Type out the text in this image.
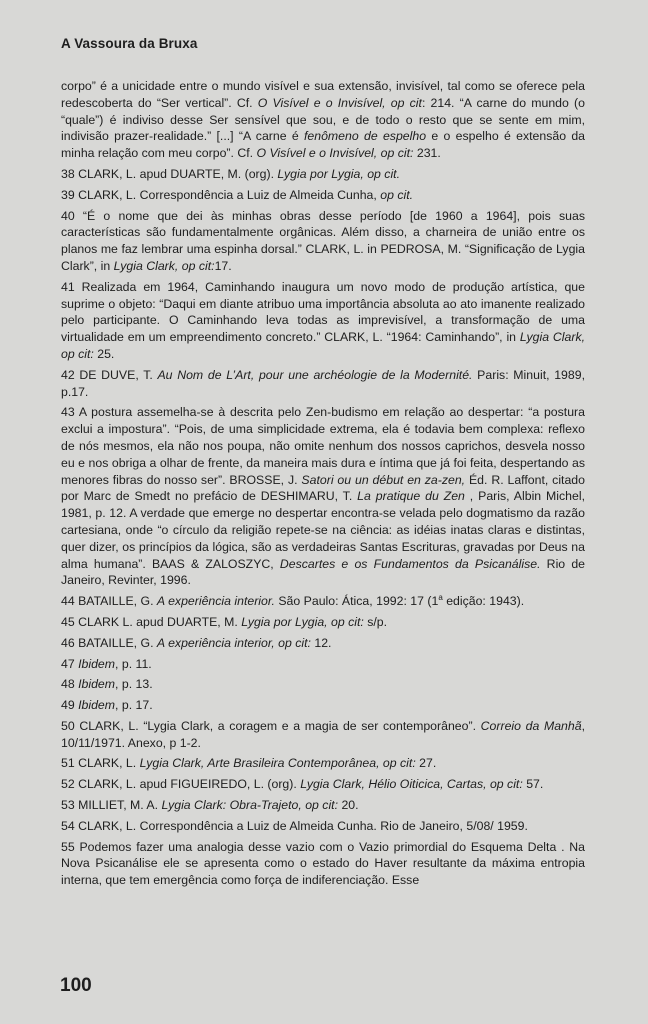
A Vassoura da Bruxa

corpo” é a unicidade entre o mundo visível e sua extensão, invisível, tal como se oferece pela redescoberta do “Ser vertical”. Cf. O Visível e o Invisível, op cit: 214. “A carne do mundo (o “quale”) é indiviso desse Ser sensível que sou, e de todo o resto que se sente em mim, indivisão prazer-realidade.” [...] “A carne é fenômeno de espelho e o espelho é extensão da minha relação com meu corpo”. Cf. O Visível e o Invisível, op cit: 231.

38 CLARK, L. apud DUARTE, M. (org). Lygia por Lygia, op cit.

39 CLARK, L. Correspondência a Luiz de Almeida Cunha, op cit.

40 “É o nome que dei às minhas obras desse período [de 1960 a 1964], pois suas características são fundamentalmente orgânicas. Além disso, a charneira de união entre os planos me faz lembrar uma espinha dorsal.” CLARK, L. in PEDROSA, M. “Significação de Lygia Clark”, in Lygia Clark, op cit:17.

41 Realizada em 1964, Caminhando inaugura um novo modo de produção artística, que suprime o objeto: “Daqui em diante atribuo uma importância absoluta ao ato imanente realizado pelo participante. O Caminhando leva todas as imprevisível, a transformação de uma virtualidade em um empreendimento concreto.” CLARK, L. “1964: Caminhando”, in Lygia Clark, op cit: 25.

42 DE DUVE, T. Au Nom de L’Art, pour une archéologie de la Modernité. Paris: Minuit, 1989, p.17.

43 A postura assemelha-se à descrita pelo Zen-budismo em relação ao despertar: “a postura exclui a impostura”. “Pois, de uma simplicidade extrema, ela é todavia bem complexa: reflexo de nós mesmos, ela não nos poupa, não omite nenhum dos nossos caprichos, desvela nosso eu e nos obriga a olhar de frente, da maneira mais dura e íntima que já foi feita, despertando as menores fibras do nosso ser”. BROSSE, J. Satori ou un début en za-zen, Éd. R. Laffont, citado por Marc de Smedt no prefácio de DESHIMARU, T. La pratique du Zen , Paris, Albin Michel, 1981, p. 12. A verdade que emerge no despertar encontra-se velada pelo dogmatismo da razão cartesiana, onde “o círculo da religião repete-se na ciência: as idéias inatas claras e distintas, quer dizer, os princípios da lógica, são as verdadeiras Santas Escrituras, gravadas por Deus na alma humana”. BAAS & ZALOSZYC, Descartes e os Fundamentos da Psicanálise. Rio de Janeiro, Revinter, 1996.

44 BATAILLE, G. A experiência interior. São Paulo: Ática, 1992: 17 (1$^a$ edição: 1943).

45 CLARK L. apud DUARTE, M. Lygia por Lygia, op cit: s/p.

46 BATAILLE, G. A experiência interior, op cit: 12.

47 Ibidem, p. 11.

48 Ibidem, p. 13.

49 Ibidem, p. 17.

50 CLARK, L. “Lygia Clark, a coragem e a magia de ser contemporâneo”. Correio da Manhã, 10/11/1971. Anexo, p 1-2.

51 CLARK, L. Lygia Clark, Arte Brasileira Contemporânea, op cit: 27.

52 CLARK, L. apud FIGUEIREDO, L. (org). Lygia Clark, Hélio Oiticica, Cartas, op cit: 57.

53 MILLIET, M. A. Lygia Clark: Obra-Trajeto, op cit: 20.

54 CLARK, L. Correspondência a Luiz de Almeida Cunha. Rio de Janeiro, 5/08/ 1959.

55 Podemos fazer uma analogia desse vazio com o Vazio primordial do Esquema Delta . Na Nova Psicanálise ele se apresenta como o estado do Haver resultante da máxima entropia interna, que tem emergência como força de indiferenciação. Esse

100
